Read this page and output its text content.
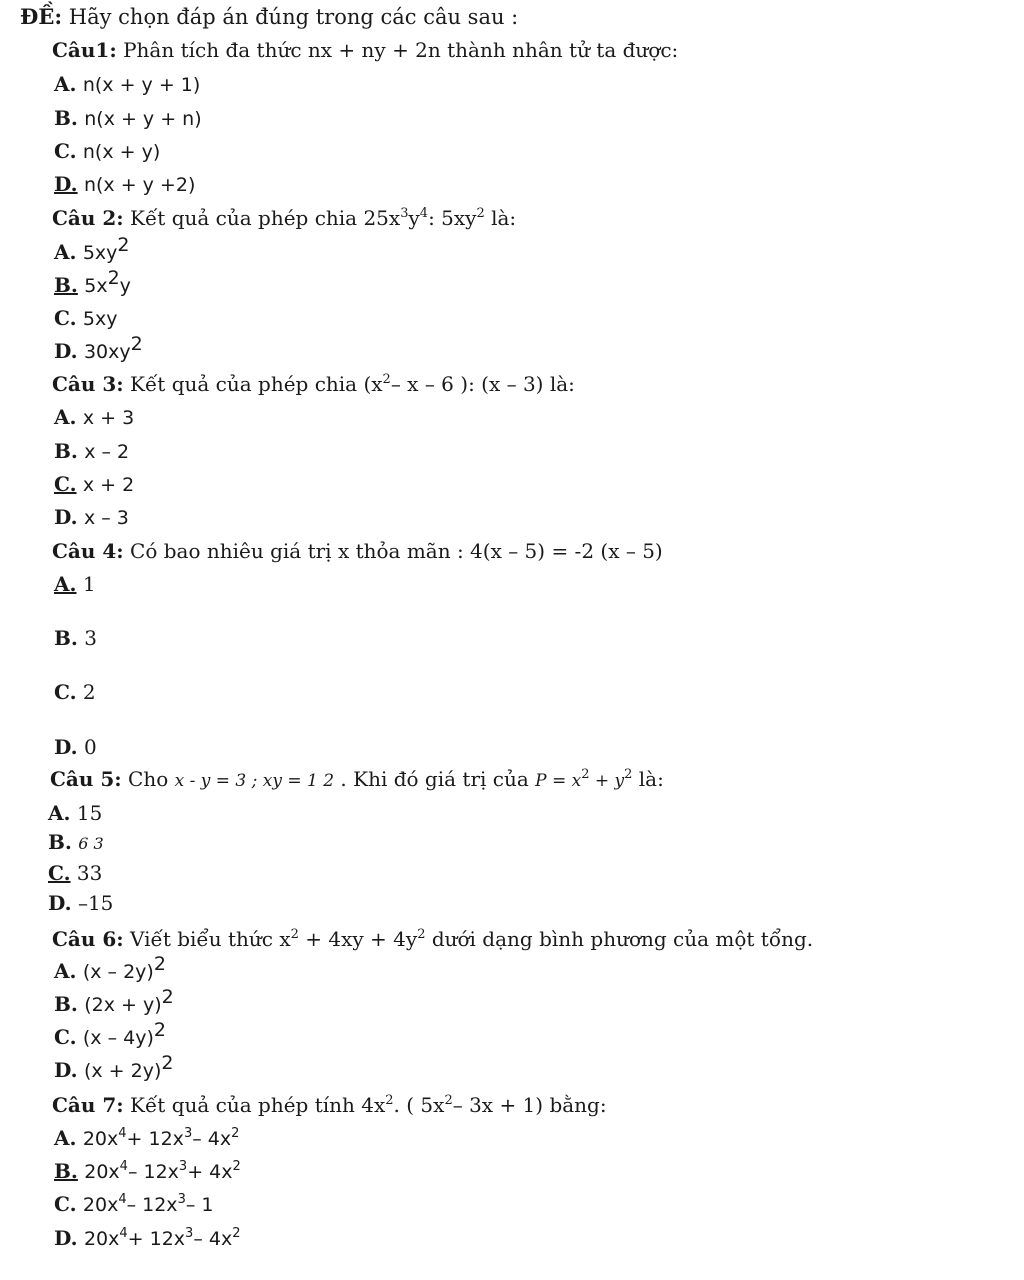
ĐỀ: Hãy chọn đáp án đúng trong các câu sau :
Câu1: Phân tích đa thức nx + ny + 2n thành nhân tử ta được:
A. n(x + y + 1)
B. n(x + y + n)
C. n(x + y)
D. n(x + y +2)
Câu 2: Kết quả của phép chia $25x^3y^4$: $5xy^2$ là:
A. $5xy^2$
B. $5x^2y$
C. 5xy
D. $30xy^2$
Câu 3: Kết quả của phép chia ($x^2-$ x – 6 ): (x – 3) là:
A. x + 3
B. x – 2
C. x + 2
D. x – 3
Câu 4: Có bao nhiêu giá trị x thỏa mãn : 4(x – 5) = -2 (x – 5)
A. 1
B. 3
C. 2
D. 0
Câu 5: Cho x - y = 3 ; xy = 1 2 . Khi đó giá trị của $P = x^2 + y^2$ là:
A. 15
B. 6 3
C. 33
D. –15
Câu 6: Viết biểu thức $x^2 + 4xy + 4y^2$ dưới dạng bình phương của một tổng.
A. (x – 2y)$^2$
B. $(2x + y)^2$
C. (x – 4y)$^2$
D. $(x + 2y)^2$
Câu 7: Kết quả của phép tính $4x^2$. ( $5x^2-$ 3x + 1) bằng:
A. $20x^4+ 12x^3-$ $4x^2$
B. $20x^4-$ $12x^3+ 4x^2$
C. $20x^4-$ $12x^3-$ 1
D. $20x^4+ 12x^3-$ $4x^2$
